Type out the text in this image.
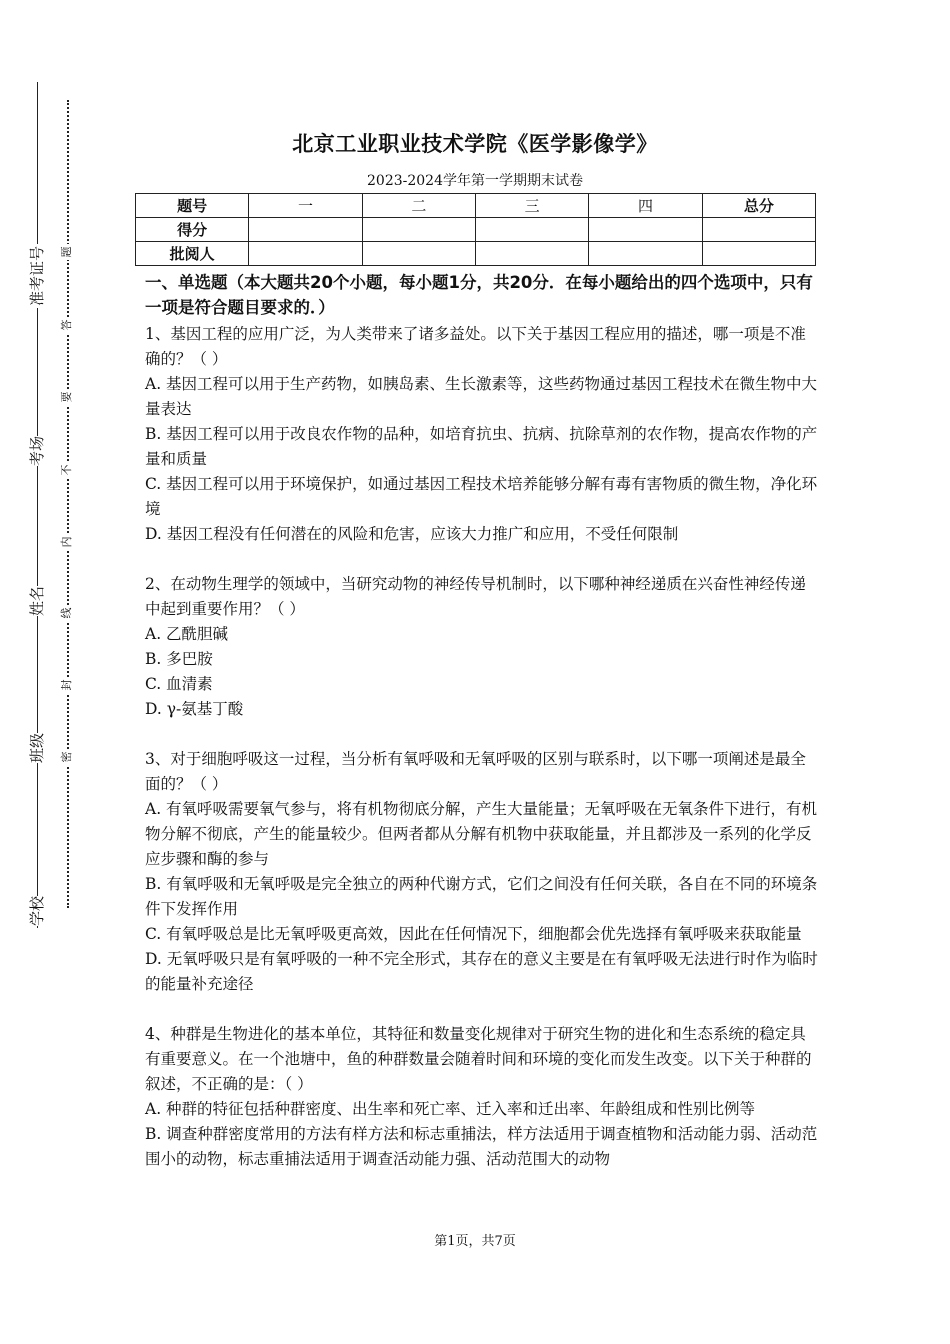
准考证号
考场
姓名
班级
学校
题
答
要
不
内
线
封
密
北京工业职业技术学院《医学影像学》
2023-2024学年第一学期期末试卷
题号	一	二	三	四	总分
得分					
批阅人					

一、单选题（本大题共20个小题，每小题1分，共20分．在每小题给出的四个选项中，只有一项是符合题目要求的．）

1、基因工程的应用广泛，为人类带来了诸多益处。以下关于基因工程应用的描述，哪一项是不准确的？（ ）

A. 基因工程可以用于生产药物，如胰岛素、生长激素等，这些药物通过基因工程技术在微生物中大量表达

B. 基因工程可以用于改良农作物的品种，如培育抗虫、抗病、抗除草剂的农作物，提高农作物的产量和质量

C. 基因工程可以用于环境保护，如通过基因工程技术培养能够分解有毒有害物质的微生物，净化环境

D. 基因工程没有任何潜在的风险和危害，应该大力推广和应用，不受任何限制

2、在动物生理学的领域中，当研究动物的神经传导机制时，以下哪种神经递质在兴奋性神经传递中起到重要作用？（ ）

A. 乙酰胆碱

B. 多巴胺

C. 血清素

D. γ-氨基丁酸

3、对于细胞呼吸这一过程，当分析有氧呼吸和无氧呼吸的区别与联系时，以下哪一项阐述是最全面的？（ ）

A. 有氧呼吸需要氧气参与，将有机物彻底分解，产生大量能量；无氧呼吸在无氧条件下进行，有机物分解不彻底，产生的能量较少。但两者都从分解有机物中获取能量，并且都涉及一系列的化学反应步骤和酶的参与

B. 有氧呼吸和无氧呼吸是完全独立的两种代谢方式，它们之间没有任何关联，各自在不同的环境条件下发挥作用

C. 有氧呼吸总是比无氧呼吸更高效，因此在任何情况下，细胞都会优先选择有氧呼吸来获取能量

D. 无氧呼吸只是有氧呼吸的一种不完全形式，其存在的意义主要是在有氧呼吸无法进行时作为临时的能量补充途径

4、种群是生物进化的基本单位，其特征和数量变化规律对于研究生物的进化和生态系统的稳定具有重要意义。在一个池塘中，鱼的种群数量会随着时间和环境的变化而发生改变。以下关于种群的叙述，不正确的是：（ ）

A. 种群的特征包括种群密度、出生率和死亡率、迁入率和迁出率、年龄组成和性别比例等

B. 调查种群密度常用的方法有样方法和标志重捕法，样方法适用于调查植物和活动能力弱、活动范围小的动物，标志重捕法适用于调查活动能力强、活动范围大的动物

第1页，共7页
